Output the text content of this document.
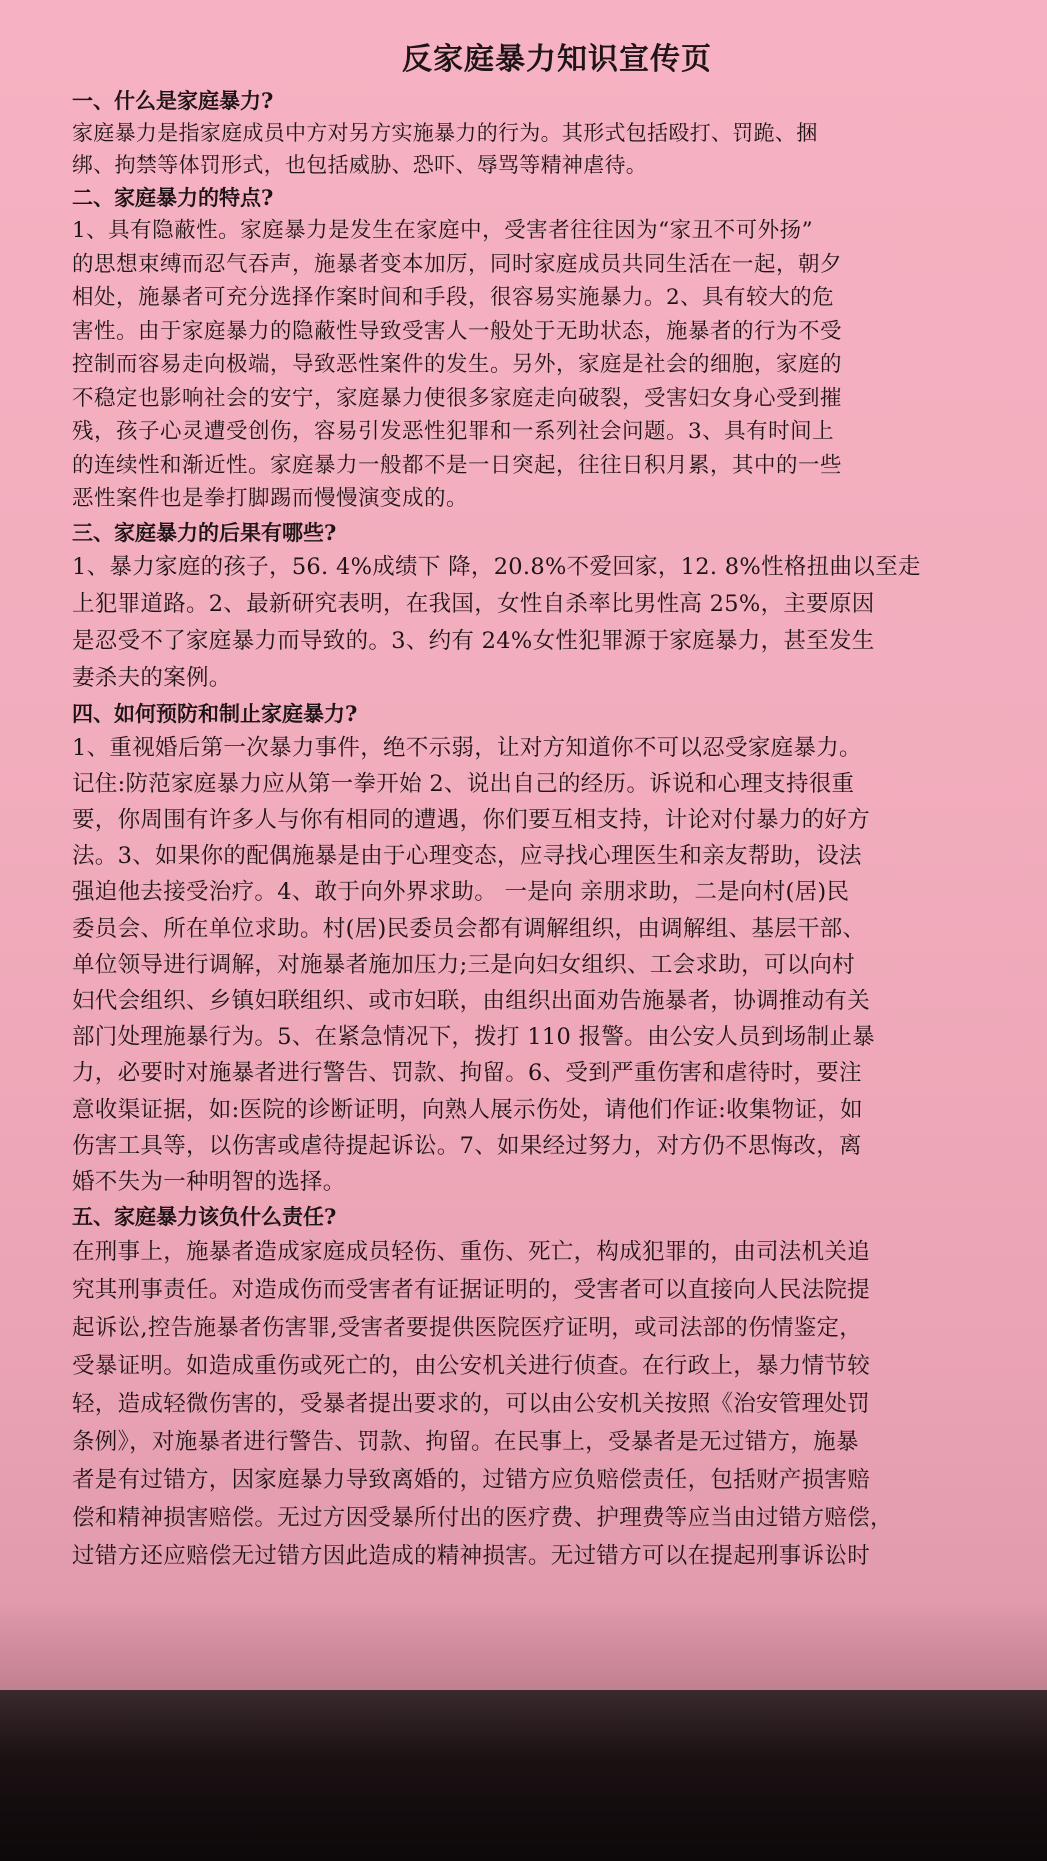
反家庭暴力知识宣传页
一、什么是家庭暴力?

家庭暴力是指家庭成员中方对另方实施暴力的行为。其形式包括殴打、罚跪、捆
绑、拘禁等体罚形式，也包括威胁、恐吓、辱骂等精神虐待。

二、家庭暴力的特点?

1、具有隐蔽性。家庭暴力是发生在家庭中，受害者往往因为“家丑不可外扬”
的思想束缚而忍气吞声，施暴者变本加厉，同时家庭成员共同生活在一起，朝夕
相处，施暴者可充分选择作案时间和手段，很容易实施暴力。2、具有较大的危
害性。由于家庭暴力的隐蔽性导致受害人一般处于无助状态，施暴者的行为不受
控制而容易走向极端，导致恶性案件的发生。另外，家庭是社会的细胞，家庭的
不稳定也影响社会的安宁，家庭暴力使很多家庭走向破裂，受害妇女身心受到摧
残，孩子心灵遭受创伤，容易引发恶性犯罪和一系列社会问题。3、具有时间上
的连续性和渐近性。家庭暴力一般都不是一日突起，往往日积月累，其中的一些
恶性案件也是拳打脚踢而慢慢演变成的。

三、家庭暴力的后果有哪些?

1、暴力家庭的孩子，56. 4%成绩下 降，20.8%不爱回家，12. 8%性格扭曲以至走
上犯罪道路。2、最新研究表明，在我国，女性自杀率比男性高 25%，主要原因
是忍受不了家庭暴力而导致的。3、约有 24%女性犯罪源于家庭暴力，甚至发生
妻杀夫的案例。

四、如何预防和制止家庭暴力?

1、重视婚后第一次暴力事件，绝不示弱，让对方知道你不可以忍受家庭暴力。
记住:防范家庭暴力应从第一拳开始 2、说出自己的经历。诉说和心理支持很重
要，你周围有许多人与你有相同的遭遇，你们要互相支持，计论对付暴力的好方
法。3、如果你的配偶施暴是由于心理变态，应寻找心理医生和亲友帮助，设法
强迫他去接受治疗。4、敢于向外界求助。 一是向 亲朋求助，二是向村(居)民
委员会、所在单位求助。村(居)民委员会都有调解组织，由调解组、基层干部、
单位领导进行调解，对施暴者施加压力;三是向妇女组织、工会求助，可以向村
妇代会组织、乡镇妇联组织、或市妇联，由组织出面劝告施暴者，协调推动有关
部门处理施暴行为。5、在紧急情况下，拨打 110 报警。由公安人员到场制止暴
力，必要时对施暴者进行警告、罚款、拘留。6、受到严重伤害和虐待时，要注
意收渠证据，如:医院的诊断证明，向熟人展示伤处，请他们作证:收集物证，如
伤害工具等，以伤害或虐待提起诉讼。7、如果经过努力，对方仍不思悔改，离
婚不失为一种明智的选择。

五、家庭暴力该负什么责任?

在刑事上，施暴者造成家庭成员轻伤、重伤、死亡，构成犯罪的，由司法机关追
究其刑事责任。对造成伤而受害者有证据证明的，受害者可以直接向人民法院提
起诉讼,控告施暴者伤害罪,受害者要提供医院医疗证明，或司法部的伤情鉴定，
受暴证明。如造成重伤或死亡的，由公安机关进行侦查。在行政上，暴力情节较
轻，造成轻微伤害的，受暴者提出要求的，可以由公安机关按照《治安管理处罚
条例》，对施暴者进行警告、罚款、拘留。在民事上，受暴者是无过错方，施暴
者是有过错方，因家庭暴力导致离婚的，过错方应负赔偿责任，包括财产损害赔
偿和精神损害赔偿。无过方因受暴所付出的医疗费、护理费等应当由过错方赔偿，
过错方还应赔偿无过错方因此造成的精神损害。无过错方可以在提起刑事诉讼时
